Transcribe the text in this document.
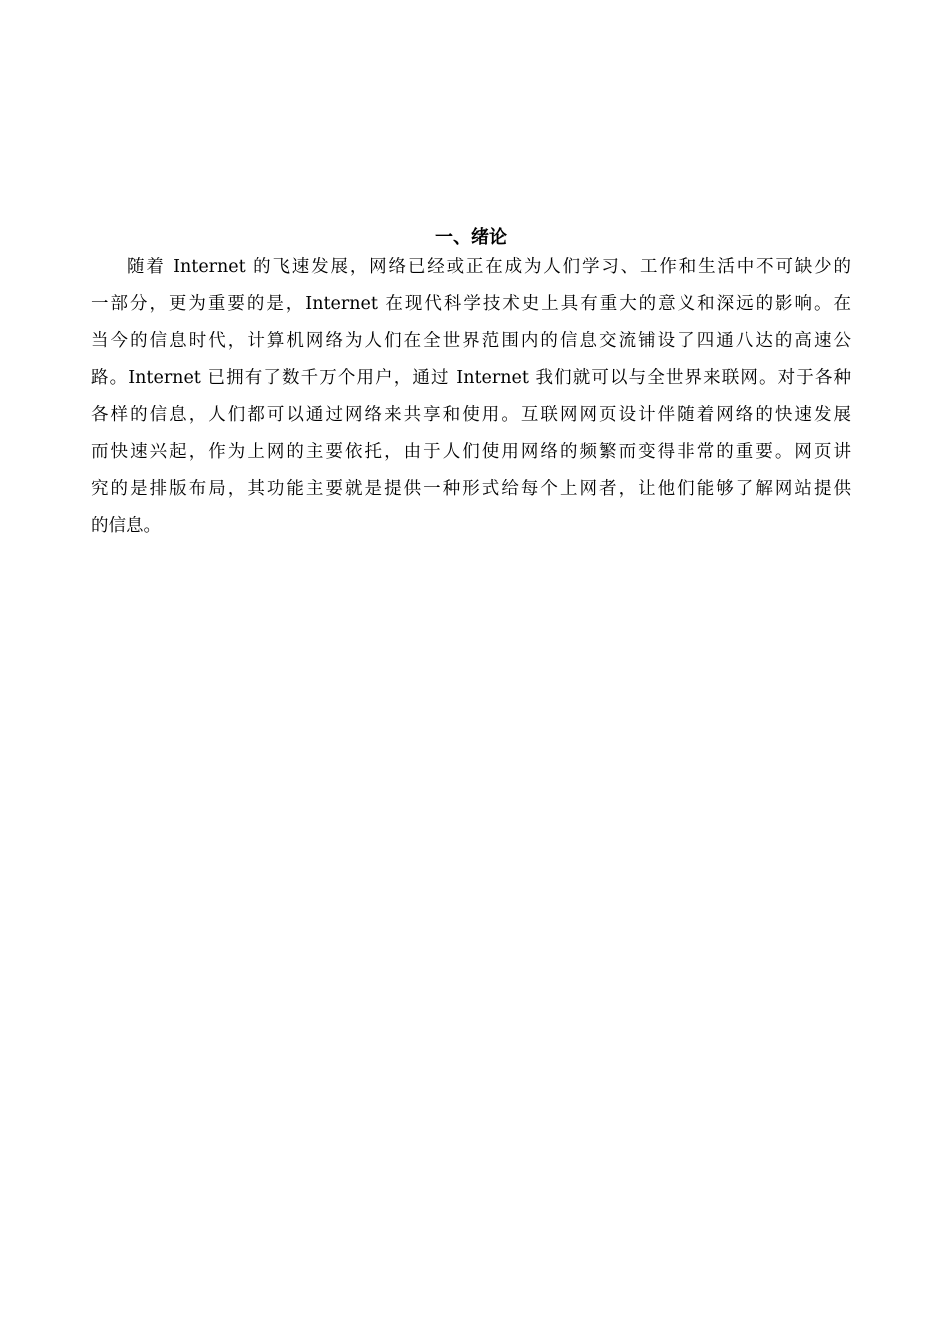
一、绪论
随着 Internet 的飞速发展，网络已经或正在成为人们学习、工作和生活中不可缺少的
一部分，更为重要的是，Internet 在现代科学技术史上具有重大的意义和深远的影响。在
当今的信息时代，计算机网络为人们在全世界范围内的信息交流铺设了四通八达的高速公
路。Internet 已拥有了数千万个用户，通过 Internet 我们就可以与全世界来联网。对于各种
各样的信息，人们都可以通过网络来共享和使用。互联网网页设计伴随着网络的快速发展
而快速兴起，作为上网的主要依托，由于人们使用网络的频繁而变得非常的重要。网页讲
究的是排版布局，其功能主要就是提供一种形式给每个上网者，让他们能够了解网站提供
的信息。
